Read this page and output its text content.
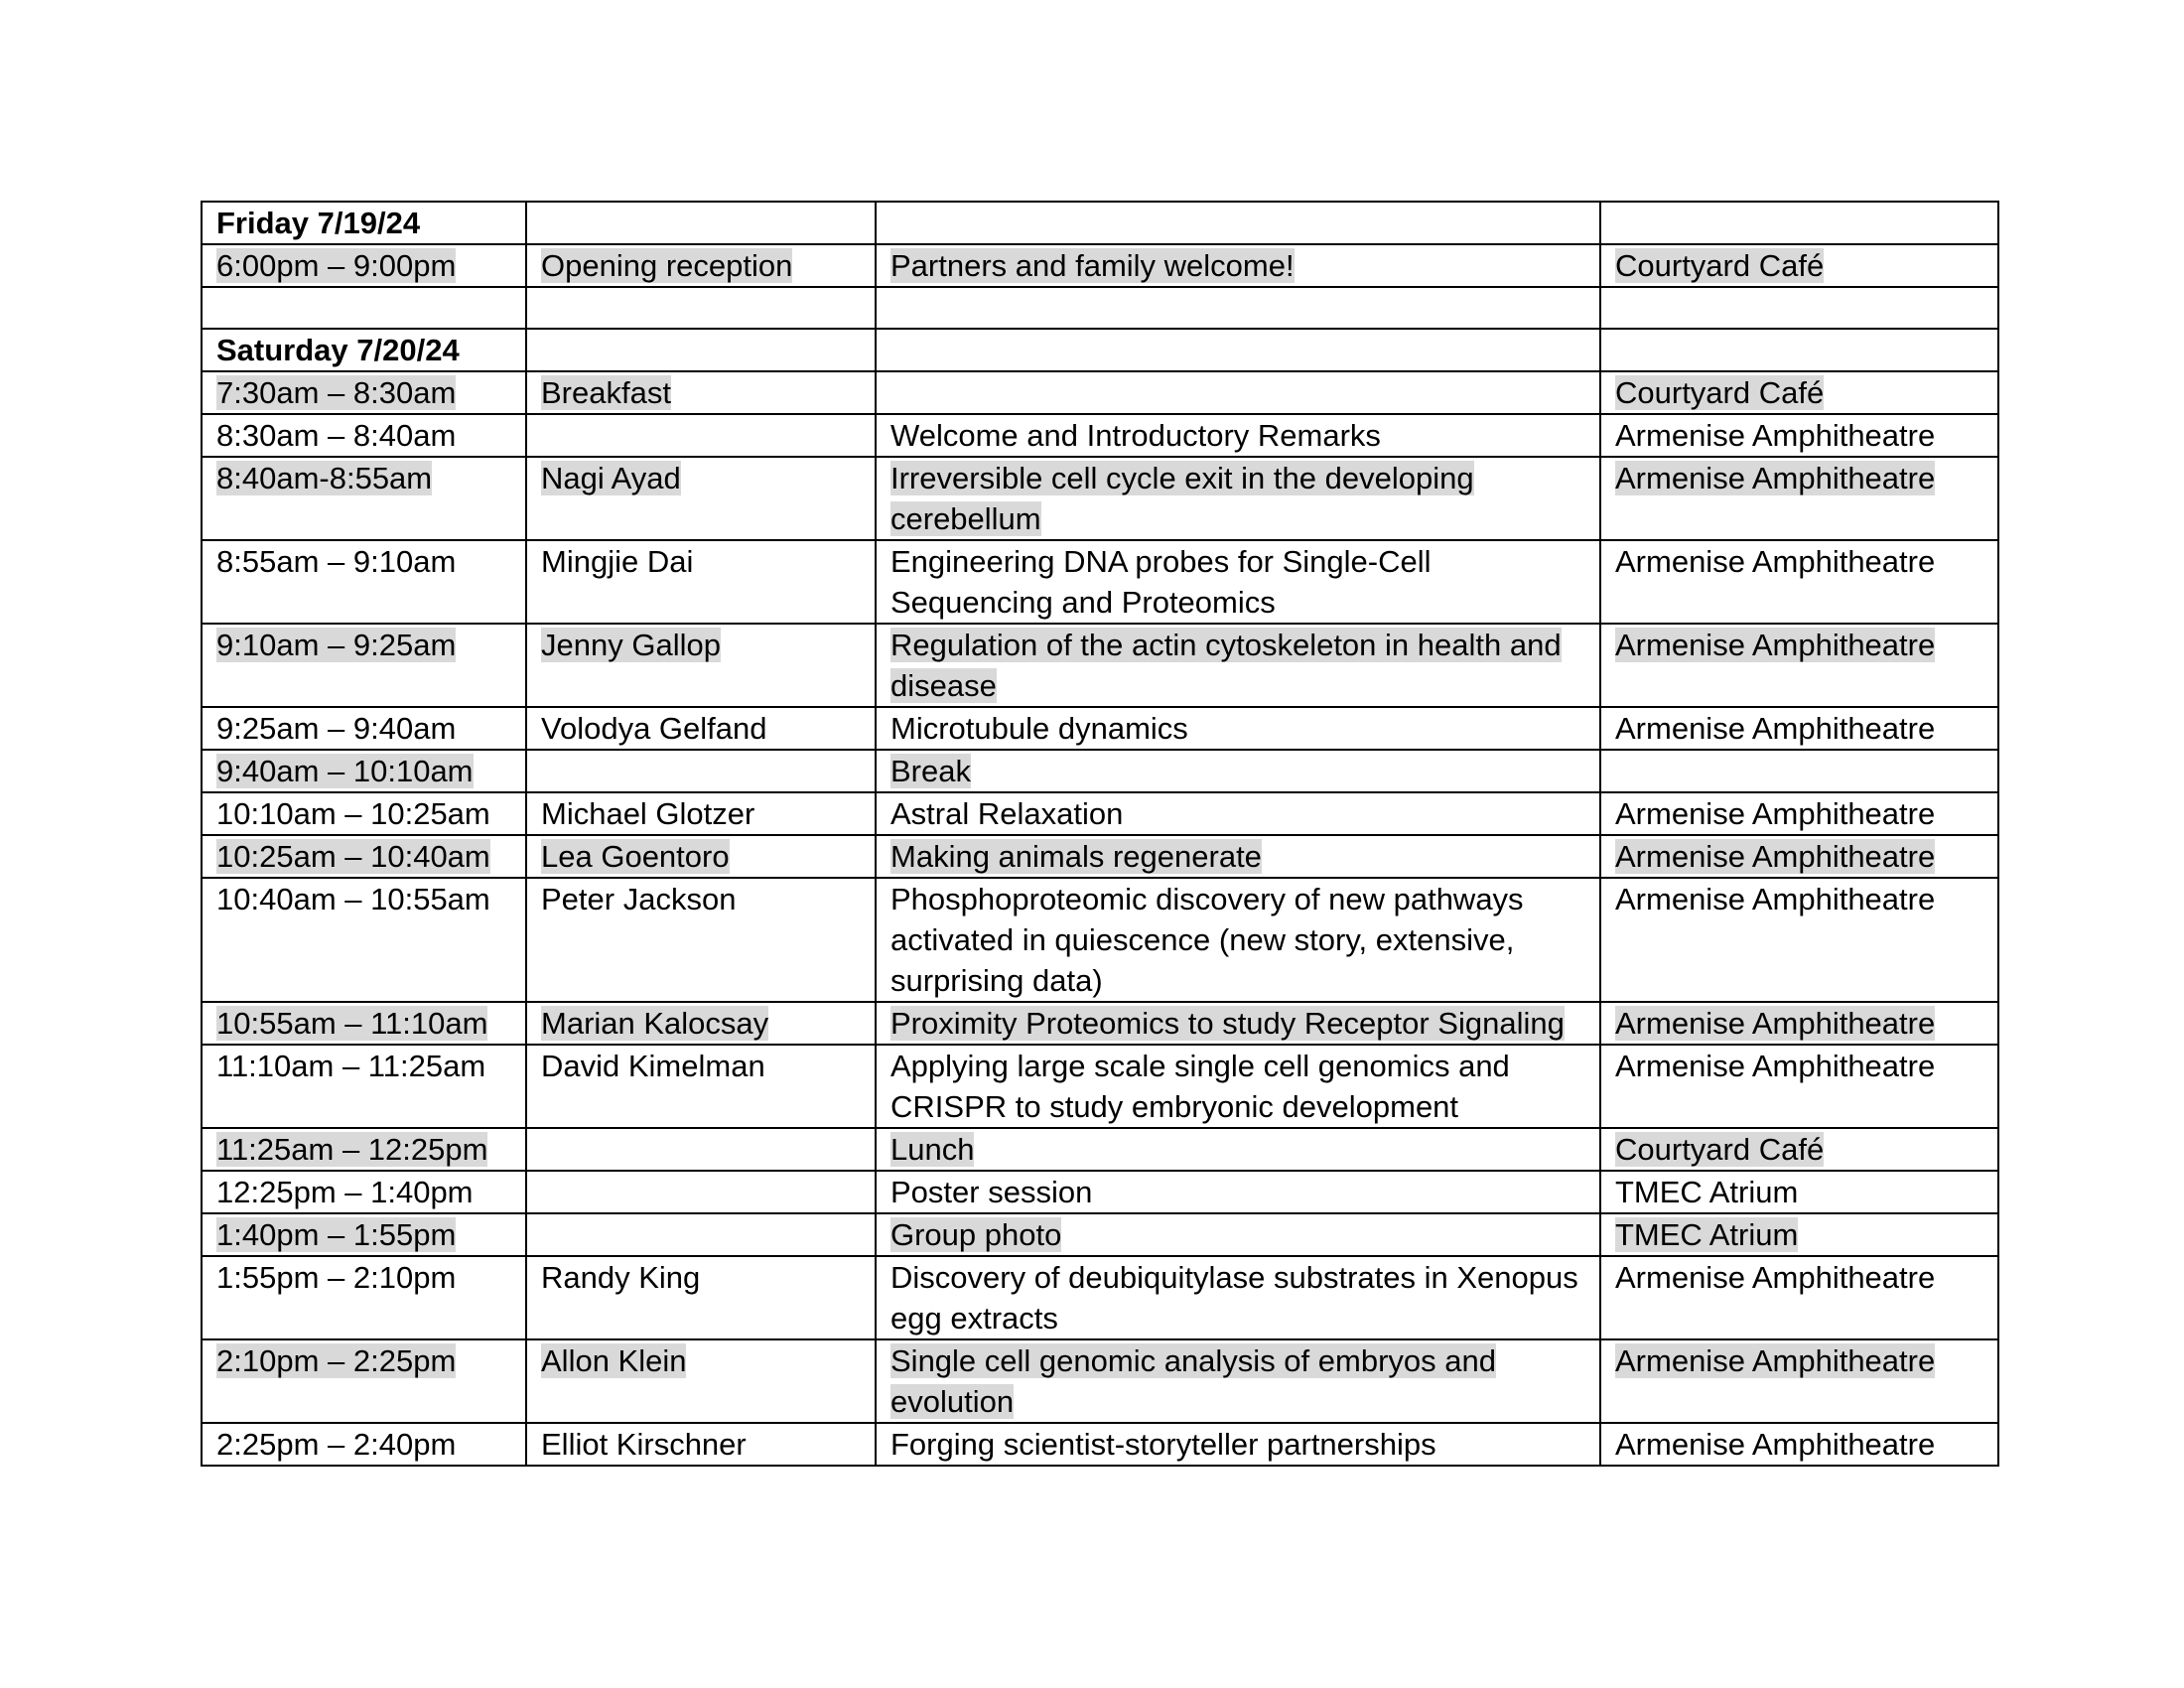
Friday 7/19/24			
6:00pm – 9:00pm	Opening reception	Partners and family welcome!	Courtyard Café

Saturday 7/20/24			
7:30am – 8:30am	Breakfast		Courtyard Café
8:30am – 8:40am		Welcome and Introductory Remarks	Armenise Amphitheatre
8:40am-8:55am	Nagi Ayad	Irreversible cell cycle exit in the developing cerebellum	Armenise Amphitheatre
8:55am – 9:10am	Mingjie Dai	Engineering DNA probes for Single-Cell Sequencing and Proteomics	Armenise Amphitheatre
9:10am – 9:25am	Jenny Gallop	Regulation of the actin cytoskeleton in health and disease	Armenise Amphitheatre
9:25am – 9:40am	Volodya Gelfand	Microtubule dynamics	Armenise Amphitheatre
9:40am – 10:10am		Break	
10:10am – 10:25am	Michael Glotzer	Astral Relaxation	Armenise Amphitheatre
10:25am – 10:40am	Lea Goentoro	Making animals regenerate	Armenise Amphitheatre
10:40am – 10:55am	Peter Jackson	Phosphoproteomic discovery of new pathways activated in quiescence (new story, extensive, surprising data)	Armenise Amphitheatre
10:55am – 11:10am	Marian Kalocsay	Proximity Proteomics to study Receptor Signaling	Armenise Amphitheatre
11:10am – 11:25am	David Kimelman	Applying large scale single cell genomics and CRISPR to study embryonic development	Armenise Amphitheatre
11:25am – 12:25pm		Lunch	Courtyard Café
12:25pm – 1:40pm		Poster session	TMEC Atrium
1:40pm – 1:55pm		Group photo	TMEC Atrium
1:55pm – 2:10pm	Randy King	Discovery of deubiquitylase substrates in Xenopus egg extracts	Armenise Amphitheatre
2:10pm – 2:25pm	Allon Klein	Single cell genomic analysis of embryos and evolution	Armenise Amphitheatre
2:25pm – 2:40pm	Elliot Kirschner	Forging scientist-storyteller partnerships	Armenise Amphitheatre
